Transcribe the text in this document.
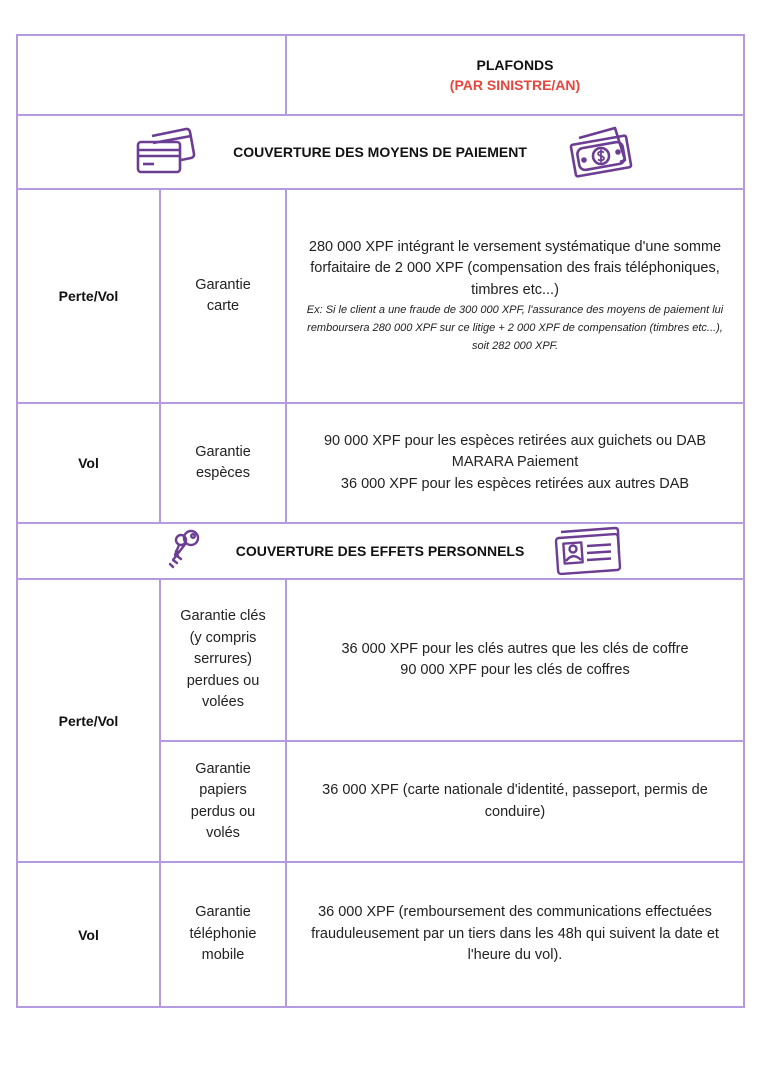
PLAFONDS
(PAR SINISTRE/AN)
COUVERTURE DES MOYENS DE PAIEMENT
Perte/Vol
Garantie carte
280 000 XPF intégrant le versement systématique d'une somme forfaitaire de 2 000 XPF (compensation des frais téléphoniques, timbres etc...)
Ex: Si le client a une fraude de 300 000 XPF, l'assurance des moyens de paiement lui remboursera 280 000 XPF sur ce litige + 2 000 XPF de compensation (timbres etc...), soit 282 000 XPF.
Vol
Garantie espèces
90 000 XPF pour les espèces retirées aux guichets ou DAB MARARA Paiement
36 000 XPF pour les espèces retirées aux autres DAB
COUVERTURE DES EFFETS PERSONNELS
Perte/Vol
Garantie clés (y compris serrures) perdues ou volées
36 000 XPF pour les clés autres que les clés de coffre
90 000 XPF pour les clés de coffres
Garantie papiers perdus ou volés
36 000 XPF (carte nationale d'identité, passeport, permis de conduire)
Vol
Garantie téléphonie mobile
36 000 XPF (remboursement des communications effectuées frauduleusement par un tiers dans les 48h qui suivent la date et l'heure du vol).
